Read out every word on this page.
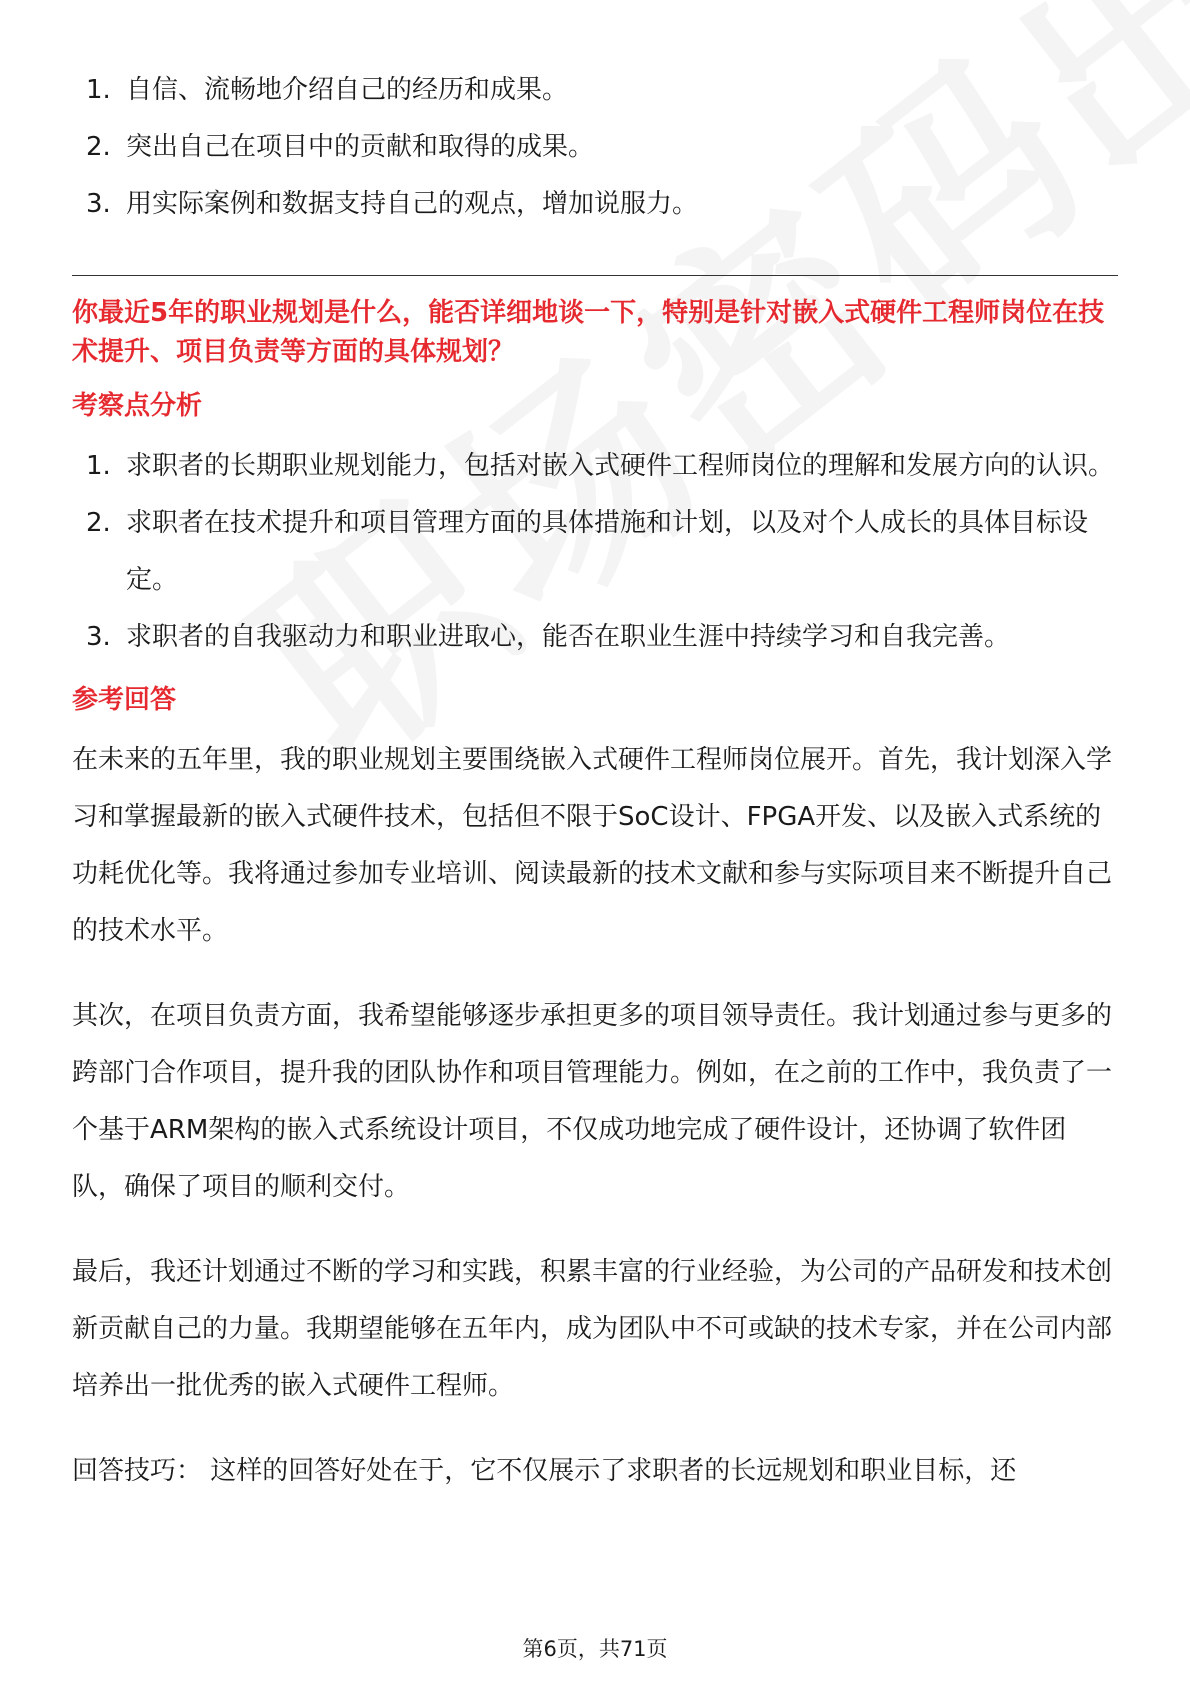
1. 自信、流畅地介绍自己的经历和成果。
2. 突出自己在项目中的贡献和取得的成果。
3. 用实际案例和数据支持自己的观点，增加说服力。

你最近5年的职业规划是什么，能否详细地谈一下，特别是针对嵌入式硬件工程师岗位在技术提升、项目负责等方面的具体规划？

考察点分析
1. 求职者的长期职业规划能力，包括对嵌入式硬件工程师岗位的理解和发展方向的认识。
2. 求职者在技术提升和项目管理方面的具体措施和计划，以及对个人成长的具体目标设定。
3. 求职者的自我驱动力和职业进取心，能否在职业生涯中持续学习和自我完善。
参考回答

在未来的五年里，我的职业规划主要围绕嵌入式硬件工程师岗位展开。首先，我计划深入学习和掌握最新的嵌入式硬件技术，包括但不限于SoC设计、FPGA开发、以及嵌入式系统的功耗优化等。我将通过参加专业培训、阅读最新的技术文献和参与实际项目来不断提升自己的技术水平。

其次，在项目负责方面，我希望能够逐步承担更多的项目领导责任。我计划通过参与更多的跨部门合作项目，提升我的团队协作和项目管理能力。例如，在之前的工作中，我负责了一个基于ARM架构的嵌入式系统设计项目，不仅成功地完成了硬件设计，还协调了软件团队，确保了项目的顺利交付。

最后，我还计划通过不断的学习和实践，积累丰富的行业经验，为公司的产品研发和技术创新贡献自己的力量。我期望能够在五年内，成为团队中不可或缺的技术专家，并在公司内部培养出一批优秀的嵌入式硬件工程师。

回答技巧： 这样的回答好处在于，它不仅展示了求职者的长远规划和职业目标，还

第6页，共71页
